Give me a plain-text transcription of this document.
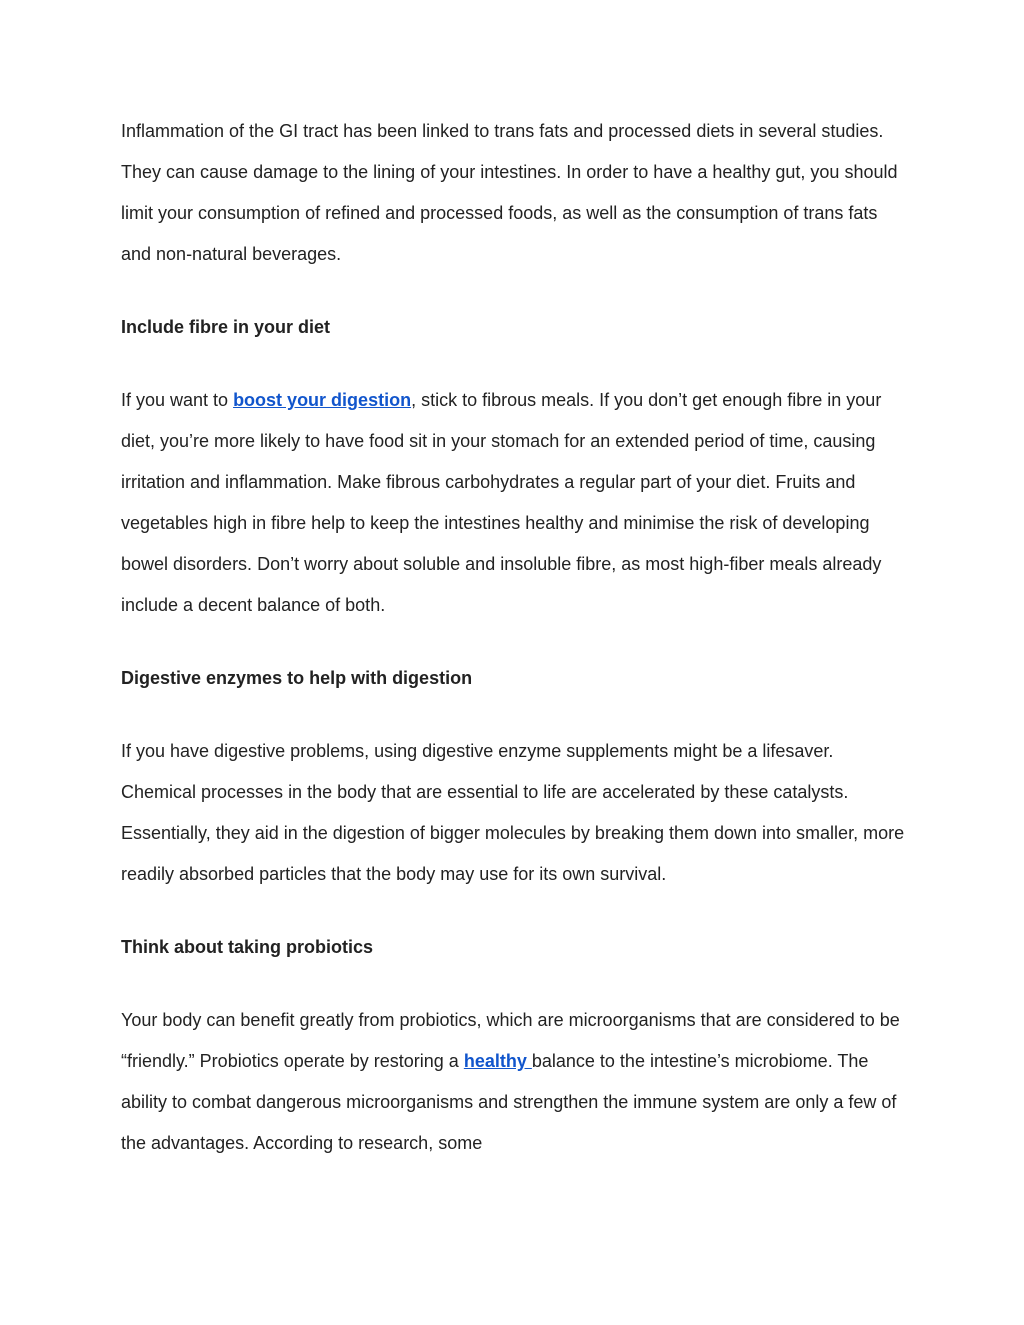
Inflammation of the GI tract has been linked to trans fats and processed diets in several studies. They can cause damage to the lining of your intestines. In order to have a healthy gut, you should limit your consumption of refined and processed foods, as well as the consumption of trans fats and non-natural beverages.

Include fibre in your diet

If you want to boost your digestion, stick to fibrous meals. If you don’t get enough fibre in your diet, you’re more likely to have food sit in your stomach for an extended period of time, causing irritation and inflammation. Make fibrous carbohydrates a regular part of your diet. Fruits and vegetables high in fibre help to keep the intestines healthy and minimise the risk of developing bowel disorders. Don’t worry about soluble and insoluble fibre, as most high-fiber meals already include a decent balance of both.

Digestive enzymes to help with digestion

If you have digestive problems, using digestive enzyme supplements might be a lifesaver. Chemical processes in the body that are essential to life are accelerated by these catalysts. Essentially, they aid in the digestion of bigger molecules by breaking them down into smaller, more readily absorbed particles that the body may use for its own survival.

Think about taking probiotics

Your body can benefit greatly from probiotics, which are microorganisms that are considered to be “friendly.” Probiotics operate by restoring a healthy balance to the intestine’s microbiome. The ability to combat dangerous microorganisms and strengthen the immune system are only a few of the advantages. According to research, some
